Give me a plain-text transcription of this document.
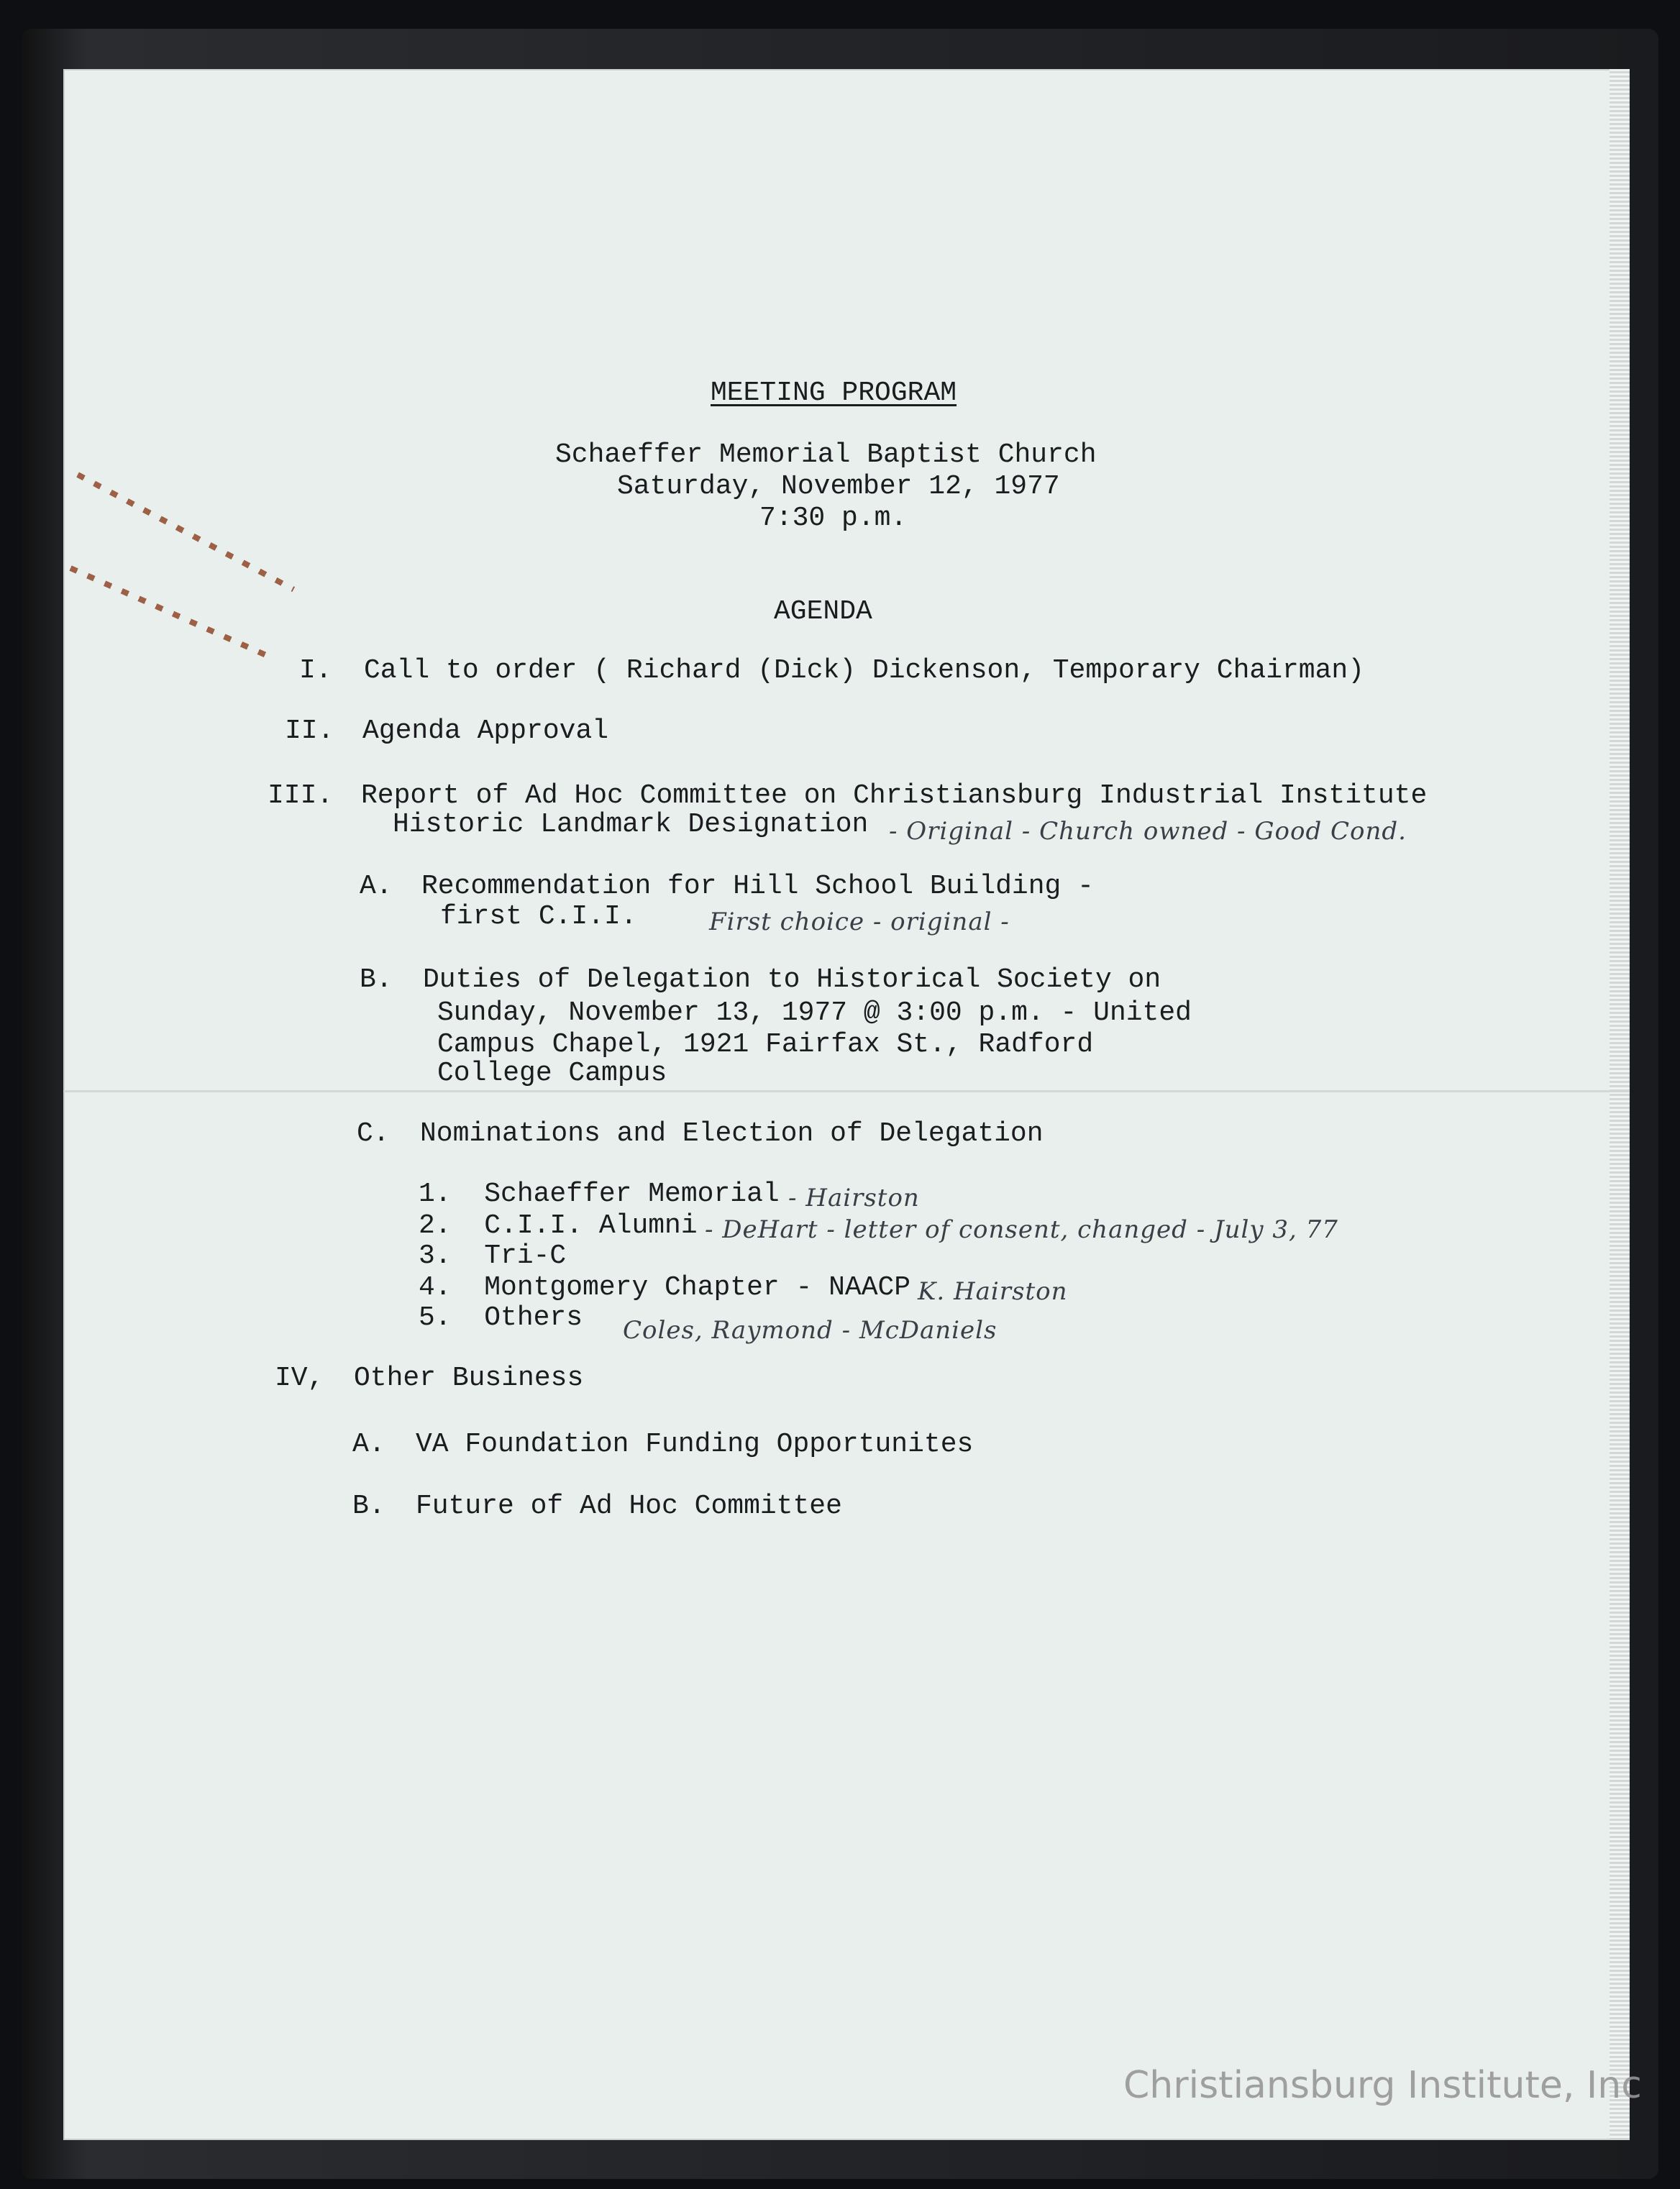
MEETING PROGRAM
Schaeffer Memorial Baptist Church
Saturday, November 12, 1977
7:30 p.m.
AGENDA
I. Call to order ( Richard (Dick) Dickenson, Temporary Chairman)
II. Agenda Approval
III. Report of Ad Hoc Committee on Christiansburg Industrial Institute
Historic Landmark Designation - Original - Church owned - Good Cond.
A. Recommendation for Hill School Building -
first C.I.I.	First choice - original -
B. Duties of Delegation to Historical Society on
Sunday, November 13, 1977 @ 3:00 p.m. - United
Campus Chapel, 1921 Fairfax St., Radford
College Campus
C. Nominations and Election of Delegation
1.  Schaeffer Memorial - Hairston
2.  C.I.I. Alumni - DeHart - letter of consent, changed - July 3, 77
3.  Tri-C
4.  Montgomery Chapter - NAACP K. Hairston
5.  Others Coles, Raymond - McDaniels
IV, Other Business
A. VA Foundation Funding Opportunites
B. Future of Ad Hoc Committee
Christiansburg Institute, Inc
